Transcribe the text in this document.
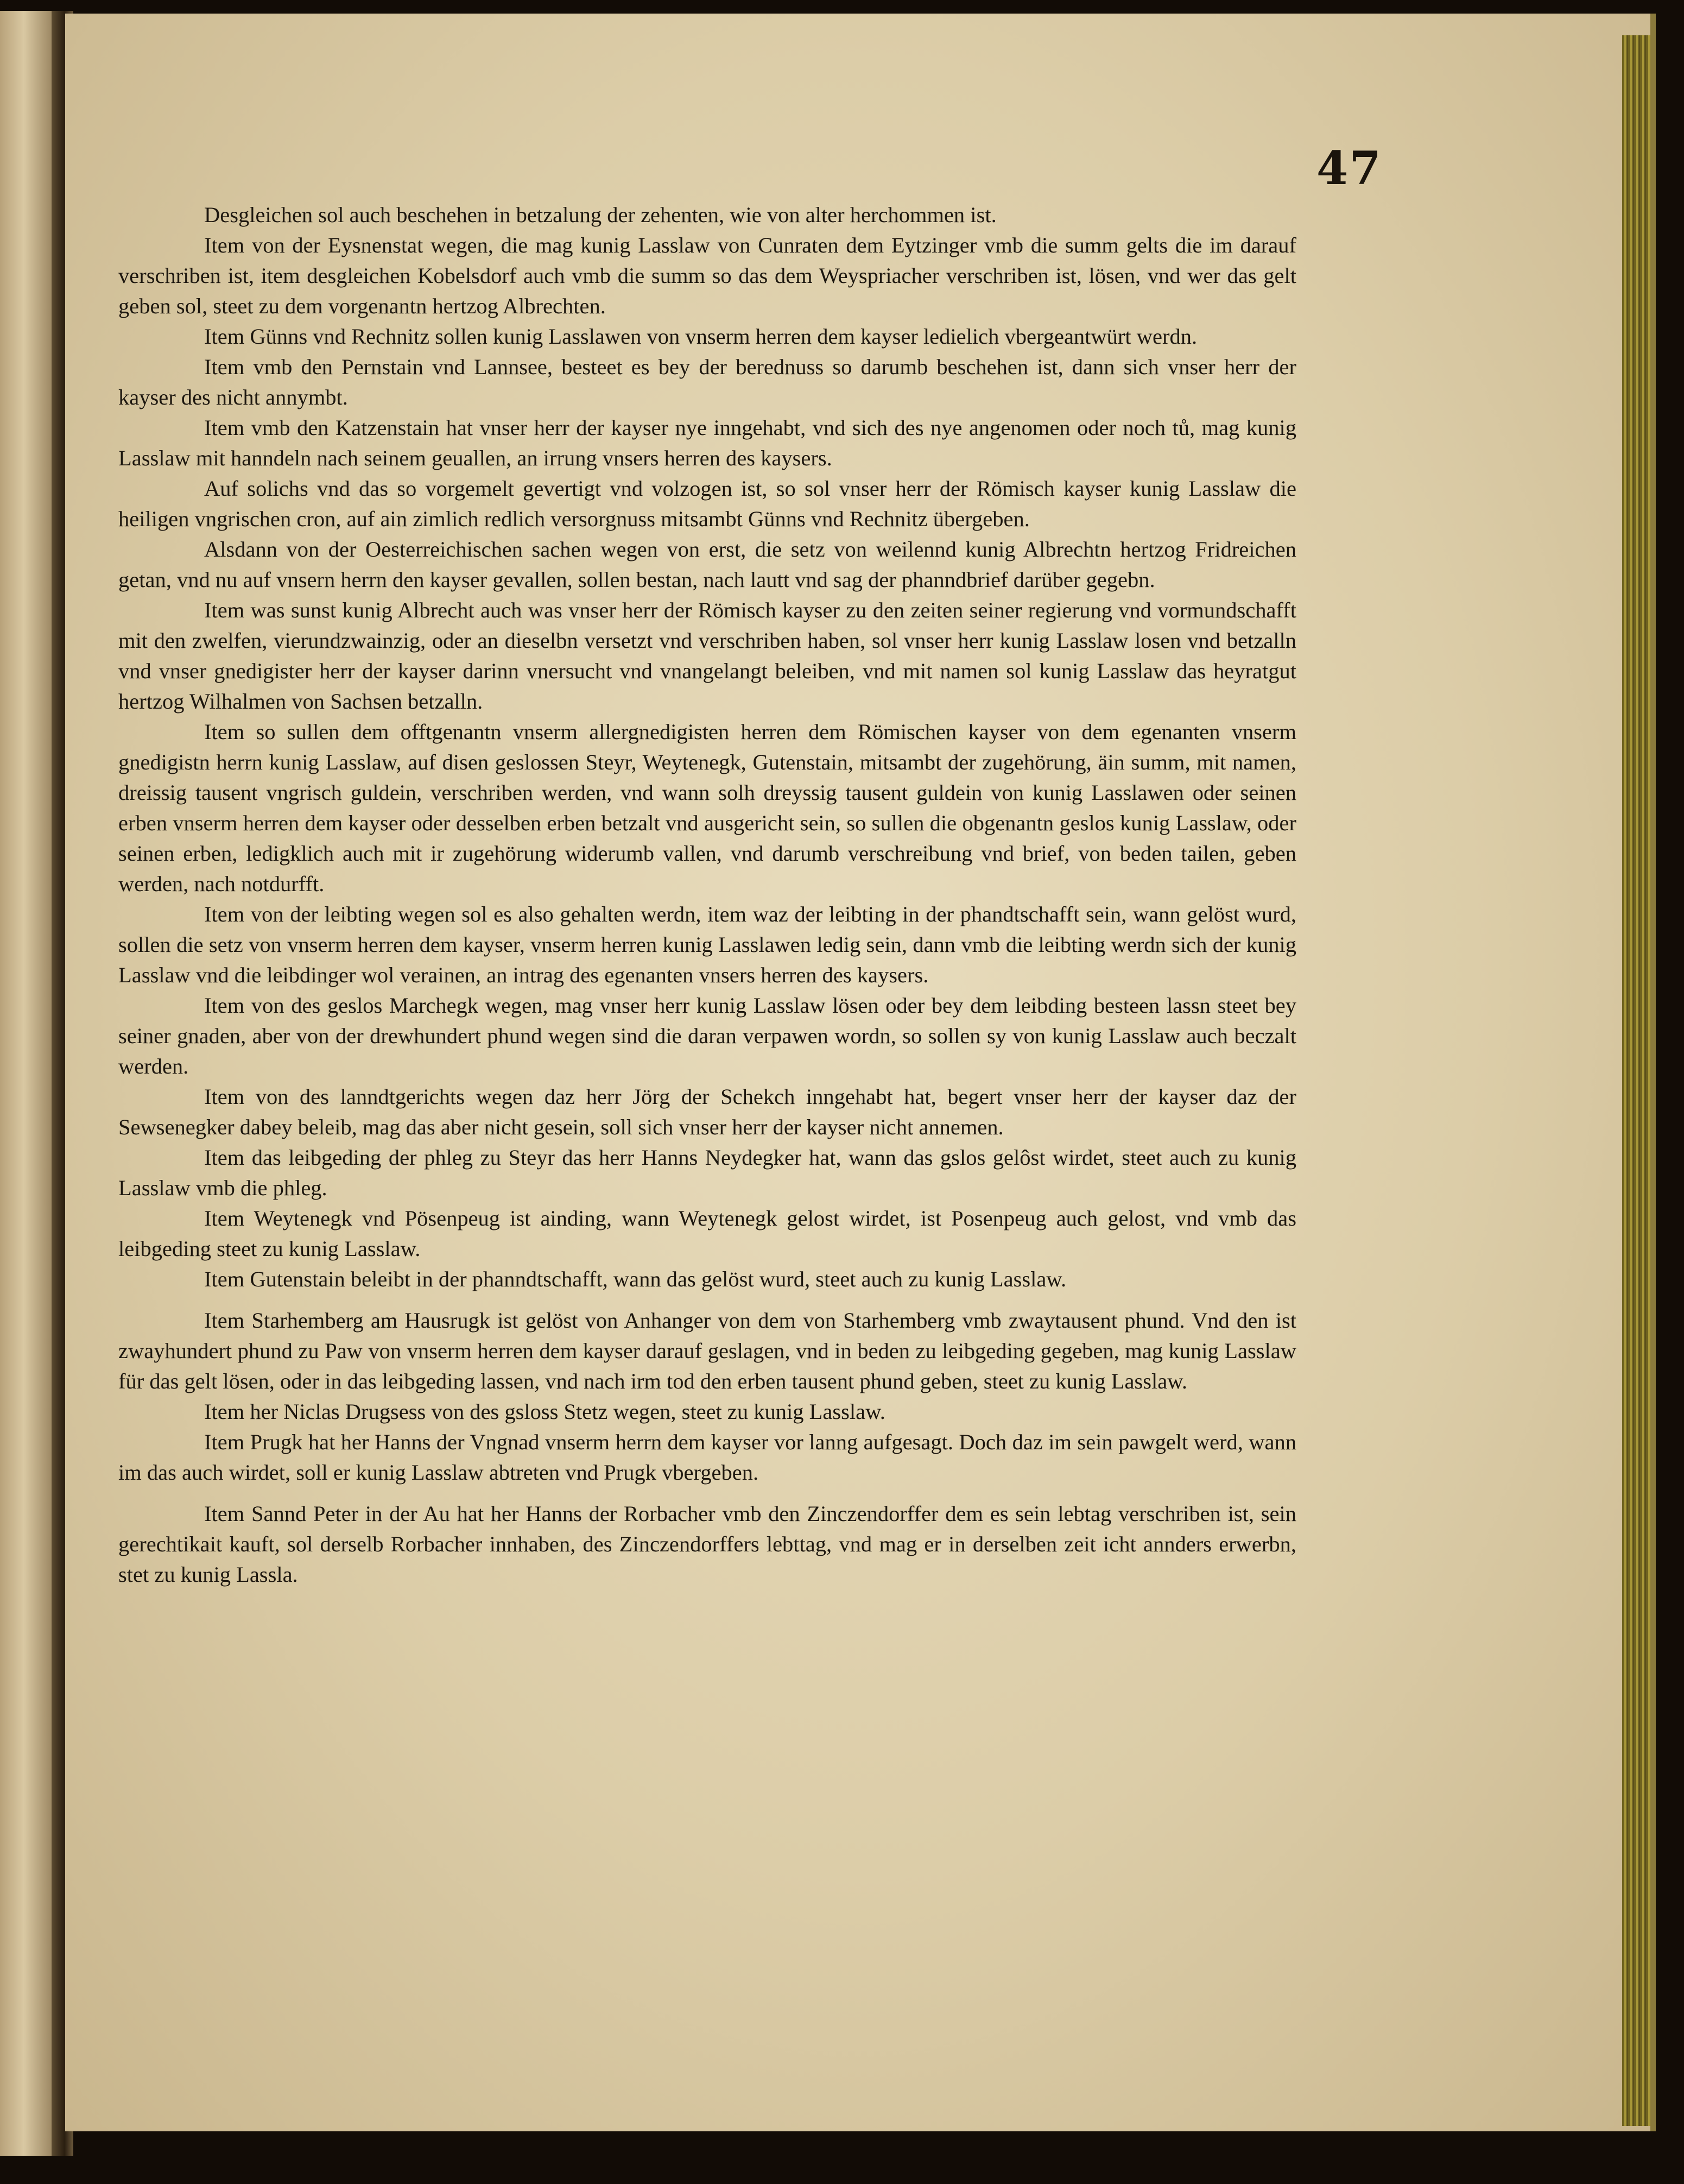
47

Desgleichen sol auch beschehen in betzalung der zehenten, wie von alter herchommen ist.

Item von der Eysnenstat wegen, die mag kunig Lasslaw von Cunraten dem Eytzinger vmb die summ gelts die im darauf verschriben ist, item desgleichen Kobelsdorf auch vmb die summ so das dem Weyspriacher verschriben ist, lösen, vnd wer das gelt geben sol, steet zu dem vorgenantn hertzog Albrechten.

Item Günns vnd Rechnitz sollen kunig Lasslawen von vnserm herren dem kayser ledielich vbergeantwürt werdn.

Item vmb den Pernstain vnd Lannsee, besteet es bey der berednuss so darumb beschehen ist, dann sich vnser herr der kayser des nicht annymbt.

Item vmb den Katzenstain hat vnser herr der kayser nye inngehabt, vnd sich des nye angenomen oder noch tů, mag kunig Lasslaw mit hanndeln nach seinem geuallen, an irrung vnsers herren des kaysers.

Auf solichs vnd das so vorgemelt gevertigt vnd volzogen ist, so sol vnser herr der Römisch kayser kunig Lasslaw die heiligen vngrischen cron, auf ain zimlich redlich versorgnuss mitsambt Günns vnd Rechnitz übergeben.

Alsdann von der Oesterreichischen sachen wegen von erst, die setz von weilennd kunig Albrechtn hertzog Fridreichen getan, vnd nu auf vnsern herrn den kayser gevallen, sollen bestan, nach lautt vnd sag der phanndbrief darüber gegebn.

Item was sunst kunig Albrecht auch was vnser herr der Römisch kayser zu den zeiten seiner regierung vnd vormundschafft mit den zwelfen, vierundzwainzig, oder an dieselbn versetzt vnd verschriben haben, sol vnser herr kunig Lasslaw losen vnd betzalln vnd vnser gnedigister herr der kayser darinn vnersucht vnd vnangelangt beleiben, vnd mit namen sol kunig Lasslaw das heyratgut hertzog Wilhalmen von Sachsen betzalln.

Item so sullen dem offtgenantn vnserm allergnedigisten herren dem Römischen kayser von dem egenanten vnserm gnedigistn herrn kunig Lasslaw, auf disen geslossen Steyr, Weytenegk, Gutenstain, mitsambt der zugehörung, äin summ, mit namen, dreissig tausent vngrisch guldein, verschriben werden, vnd wann solh dreyssig tausent guldein von kunig Lasslawen oder seinen erben vnserm herren dem kayser oder desselben erben betzalt vnd ausgericht sein, so sullen die obgenantn geslos kunig Lasslaw, oder seinen erben, ledigklich auch mit ir zugehörung widerumb vallen, vnd darumb verschreibung vnd brief, von beden tailen, geben werden, nach notdurfft.

Item von der leibting wegen sol es also gehalten werdn, item waz der leibting in der phandtschafft sein, wann gelöst wurd, sollen die setz von vnserm herren dem kayser, vnserm herren kunig Lasslawen ledig sein, dann vmb die leibting werdn sich der kunig Lasslaw vnd die leibdinger wol verainen, an intrag des egenanten vnsers herren des kaysers.

Item von des geslos Marchegk wegen, mag vnser herr kunig Lasslaw lösen oder bey dem leibding besteen lassn steet bey seiner gnaden, aber von der drewhundert phund wegen sind die daran verpawen wordn, so sollen sy von kunig Lasslaw auch beczalt werden.

Item von des lanndtgerichts wegen daz herr Jörg der Schekch inngehabt hat, begert vnser herr der kayser daz der Sewsenegker dabey beleib, mag das aber nicht gesein, soll sich vnser herr der kayser nicht annemen.

Item das leibgeding der phleg zu Steyr das herr Hanns Neydegker hat, wann das gslos gelôst wirdet, steet auch zu kunig Lasslaw vmb die phleg.

Item Weytenegk vnd Pösenpeug ist ainding, wann Weytenegk gelost wirdet, ist Posenpeug auch gelost, vnd vmb das leibgeding steet zu kunig Lasslaw.

Item Gutenstain beleibt in der phanndtschafft, wann das gelöst wurd, steet auch zu kunig Lasslaw.

Item Starhemberg am Hausrugk ist gelöst von Anhanger von dem von Starhemberg vmb zwaytausent phund. Vnd den ist zwayhundert phund zu Paw von vnserm herren dem kayser darauf geslagen, vnd in beden zu leibgeding gegeben, mag kunig Lasslaw für das gelt lösen, oder in das leibgeding lassen, vnd nach irm tod den erben tausent phund geben, steet zu kunig Lasslaw.

Item her Niclas Drugsess von des gsloss Stetz wegen, steet zu kunig Lasslaw.

Item Prugk hat her Hanns der Vngnad vnserm herrn dem kayser vor lanng aufgesagt. Doch daz im sein pawgelt werd, wann im das auch wirdet, soll er kunig Lasslaw abtreten vnd Prugk vbergeben.

Item Sannd Peter in der Au hat her Hanns der Rorbacher vmb den Zinczendorffer dem es sein lebtag verschriben ist, sein gerechtikait kauft, sol derselb Rorbacher innhaben, des Zinczendorffers lebttag, vnd mag er in derselben zeit icht annders erwerbn, stet zu kunig Lassla.
